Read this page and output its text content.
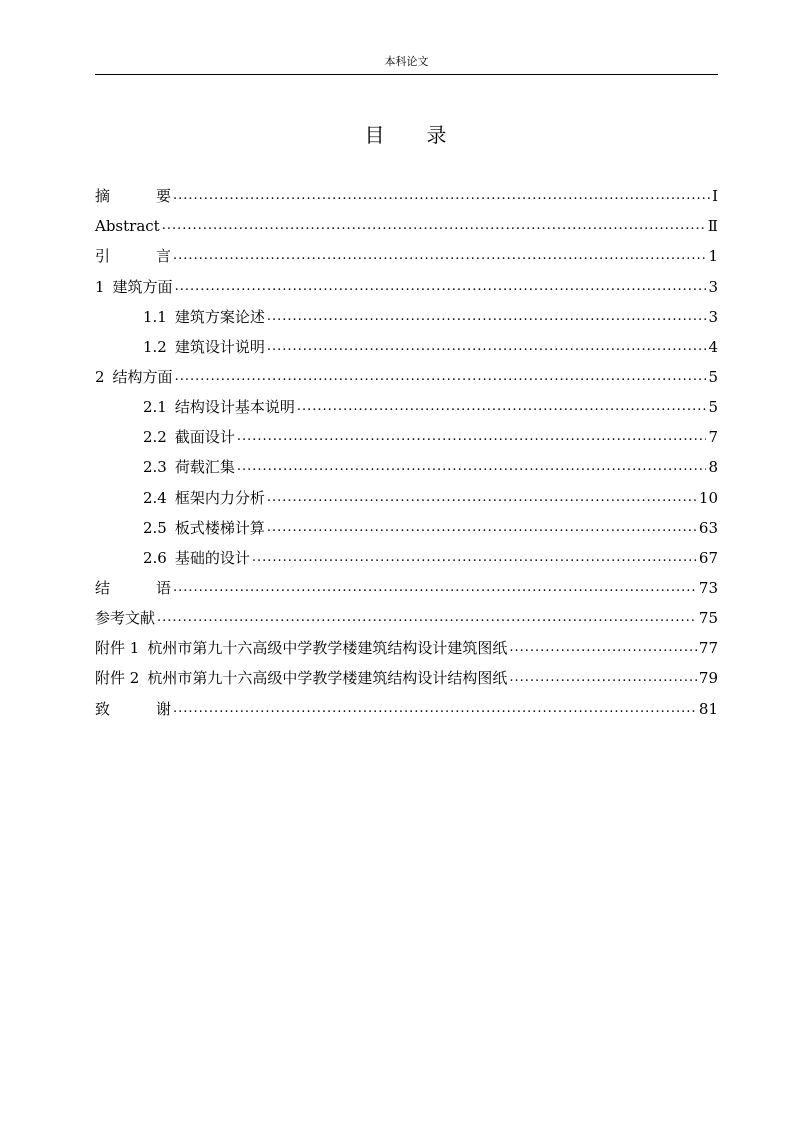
本科论文
目 录
摘　要 .....	Ⅰ
Abstract .....	Ⅱ
引　言 .....	1
1 建筑方面 .....	3
1.1 建筑方案论述 .....	3
1.2 建筑设计说明 .....	4
2 结构方面 .....	5
2.1 结构设计基本说明 .....	5
2.2 截面设计 .....	7
2.3 荷载汇集 .....	8
2.4 框架内力分析 .....	10
2.5 板式楼梯计算 .....	63
2.6 基础的设计 .....	67
结　语 .....	73
参考文献 .....	75
附件 1 杭州市第九十六高级中学教学楼建筑结构设计建筑图纸 .....	77
附件 2 杭州市第九十六高级中学教学楼建筑结构设计结构图纸 .....	79
致　谢 .....	81
